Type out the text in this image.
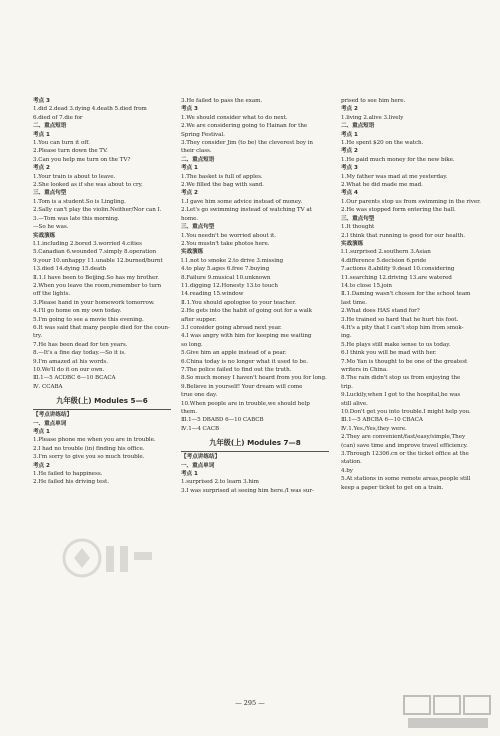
考点 3
1.did 2.dead 3.dying 4.death 5.died from
6.died of 7.die for
二、重点短语
考点 1
1.You can turn it off.
2.Please turn down the TV.
3.Can you help me turn on the TV?
考点 2
1.Your train is about to leave.
2.She looked as if she was about to cry.
三、重点句型
1.Tom is a student.So is Lingling.
2.Sally can't play the violin.Neither/Nor can I.
3.—Tom was late this morning.
—So he was.
实战演练
Ⅰ.1.including 2.bored 3.worried 4.cities
5.Canadian 6.wounded 7.simply 8.operation
9.your 10.unhappy 11.unable 12.burned/burnt
13.died 14.dying 15.death
Ⅱ.1.I have been to Beijing.So has my brother.
2.When you leave the room,remember to turn
off the lights.
3.Please hand in your homework tomorrow.
4.I'll go home on my own today.
5.I'm going to see a movie this evening.
6.It was said that many people died for the coun-
try.
7.He has been dead for ten years.
8.—It's a fine day today.—So it is.
9.I'm amazed at his words.
10.We'll do it on our own.
Ⅲ.1—5 ACDBC 6—10 BCACA
Ⅳ. CCABA
九年级(上) Modules 5—6
【考点讲练结】
一、重点单词
考点 1
1.Please phone me when you are in trouble.
2.I had no trouble (in) finding his office.
3.I'm sorry to give you so much trouble.
考点 2
1.He failed to happiness.
2.He failed his driving test.
3.He failed to pass the exam.
考点 3
1.We should consider what to do next.
2.We are considering going to Hainan for the
Spring Festival.
3.They consider Jim (to be) the cleverest boy in
their class.
二、重点短语
考点 1
1.The basket is full of apples.
2.We filled the bag with sand.
考点 2
1.I gave him some advice instead of money.
2.Let's go swimming instead of watching TV at
home.
三、重点句型
1.You needn't be worried about it.
2.You mustn't take photos here.
实战演练
Ⅰ.1.not to smoke 2.to drive 3.missing
4.to play 5.ages 6.free 7.buying
8.Failure 9.musical 10.unknown
11.digging 12.Honesty 13.to touch
14.reading 15.window
Ⅱ.1.You should apologise to your teacher.
2.He gets into the habit of going out for a walk
after supper.
3.I consider going abroad next year.
4.I was angry with him for keeping me waiting
so long.
5.Give him an apple instead of a pear.
6.China today is no longer what it used to be.
7.The police failed to find out the truth.
8.So much money I haven't heard from you for long.
9.Believe in yourself! Your dream will come
true one day.
10.When people are in trouble,we should help
them.
Ⅲ.1—5 DBABD 6—10 CABCB
Ⅳ.1—4 CACB
九年级(上) Modules 7—8
【考点讲练结】
一、重点单词
考点 1
1.surprised 2.to learn 3.him
3.I was surprised at seeing him here./I was sur-
prised to see him here.
考点 2
1.living 2.alive 3.lively
二、重点短语
考点 1
1.He spent $20 on the watch.
考点 2
1.He paid much money for the new bike.
考点 3
1.My father was mad at me yesterday.
2.What he did made me mad.
考点 4
1.Our parents stop us from swimming in the river.
2.He was stopped form entering the hall.
三、重点句型
1.It thought
2.I think that running is good for our health.
实战演练
Ⅰ.1.surprised 2.southern 3.Asian
4.difference 5.decision 6.pride
7.actions 8.ability 9.dead 10.considering
11.searching 12.driving 13.are watered
14.to close 15.join
Ⅱ.1.Daming wasn't chosen for the school team
last time.
2.What does HAS stand for?
3.He trained so hard that he hurt his foot.
4.It's a pity that I can't stop him from smok-
ing.
5.He plays still make sense to us today.
6.I think you will be mad with her.
7.Mo Yan is thought to be one of the greatest
writers in China.
8.The rain didn't stop us from enjoying the
trip.
9.Luckily,when I got to the hospital,he was
still alive.
10.Don't get you into trouble.I might help you.
Ⅲ.1—5 ABCBA 6—10 CBACA
Ⅳ.1.Yes./Yes,they were.
2.They are convenient/fast/easy/simple,They
(can) save time and improve travel efficiency.
3.Through 12306.cn or the ticket office at the
station.
4.by
5.At stations in some remote areas,people still
keep a paper ticket to get on a train.
— 295 —
